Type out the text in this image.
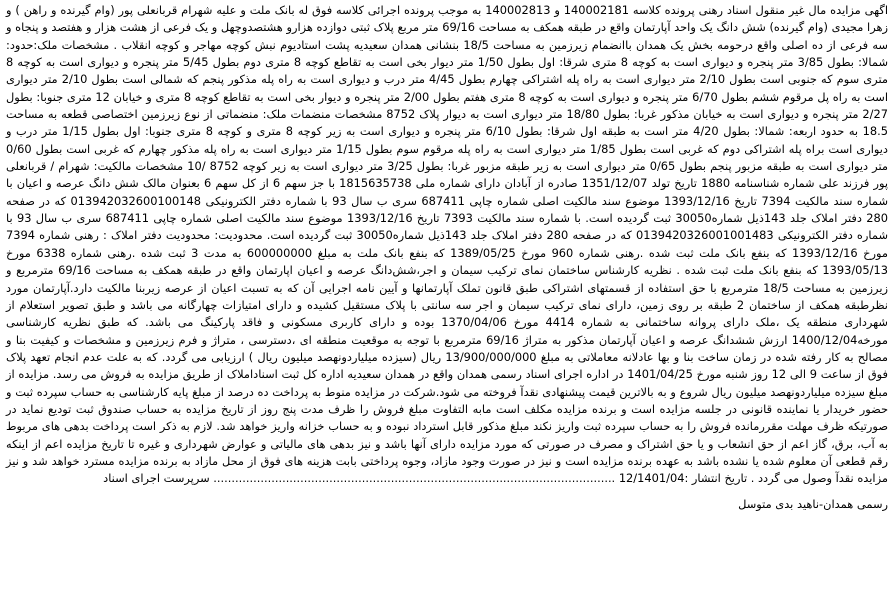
اگهی مزایده مال غیر منقول اسناد رهنی پرونده کلاسه 140002181 و 140002813 به موجب پرونده اجرائی کلاسه فوق له بانک ملت و علیه شهرام قربانعلی پور (وام گیرنده و راهن ) و زهرا مجیدی (وام گیرنده) شش دانگ یک واحد آپارتمان واقع در طبقه همکف به مساحت 69/16 متر مربع پلاک ثبتی دوازده هزارو هشتصدوچهل و یک فرعی از هشت هزار و هفتصد و پنجاه و سه فرعی از ده اصلی واقع درحومه بخش یک همدان باانضمام زیرزمین به مساحت 18/5 بنشانی همدان سعیدیه پشت استادیوم نبش کوچه مهاجر و کوچه انقلاب . مشخصات ملک:حدود: شمالا: بطول 3/85 متر پنجره و دیواری است به کوچه 8 متری شرقا: اول بطول 1/50 متر دیوار بخی است به تقاطع کوچه 8 متری دوم بطول 5/45 متر پنجره و دیواری است به کوچه 8 متری سوم که جنوبی است بطول 2/10 متر دیواری است به راه پله اشتراکی چهارم بطول 4/45 متر درب و دیواری است به راه پله مذکور پنجم که شمالی است بطول 2/10 متر دیواری است به راه پل مرقوم ششم بطول 6/70 متر پنجره و دیواری است به کوچه 8 متری هفتم بطول 2/00 متر پنجره و دیوار بخی است به تقاطع کوچه 8 متری و خیابان 12 متری جنوبا: بطول 2/27 متر پنجره و دیواری است به خیابان مذکور غربا: بطول 18/80 متر دیواری است به دیوار پلاک 8752 مشخصات منضمات ملک: منضماتی از نوع زیرزمین اختصاصی قطعه به مساحت 18.5 به حدود اربعه: شمالا: بطول 4/20 متر است به طبقه اول شرقا: بطول 6/10 متر پنجره و دیواری است به زیر کوچه 8 متری و کوچه 8 متری جنوبا: اول بطول 1/15 متر درب و دیواری است براه پله اشتراکی دوم که غربی است بطول 1/85 متر دیواری است به راه پله مرقوم سوم بطول 1/15 متر دیواری است به راه پله مذکور چهارم که غربی است بطول 0/60 متر دیواری است به طبقه مزبور پنجم بطول 0/65 متر دیواری است به زیر طبقه مزبور غربا: بطول 3/25 متر دیواری است به زیر کوچه 8752 /10 مشخصات مالکیت: شهرام / قربانعلی پور فرزند علی شماره شناسنامه 1880 تاریخ تولد 1351/12/07 صادره از آبادان دارای شماره ملی 1815635738 با جز سهم 6 از کل سهم 6 بعنوان مالک شش دانگ عرصه و اعیان با شماره سند مالکیت 7394 تاریخ 1393/12/16 موضوع سند مالکیت اصلی شماره چاپی 687411 سری ب سال 93 با شماره دفتر الکترونیکی 013942032600100148 که در صفحه 280 دفتر املاک جلد 143ذیل شماره30050 ثبت گردیده است. با شماره سند مالکیت 7393 تاریخ 1393/12/16 موضوع سند مالکیت اصلی شماره چاپی 687411 سری ب سال 93 با شماره دفتر الکترونیکی 0139420326001001483 که در صفحه 280 دفتر املاک جلد 143ذیل شماره30050 ثبت گردیده است. محدودیت: محدودیت دفتر املاک : رهنی شماره 7394 مورخ 1393/12/16 که بنفع بانک ملت ثبت شده .رهنی شماره 960 مورخ 1389/05/25 که بنفع بانک ملت به مبلغ 600000000 به مدت 3 ثبت شده .رهنی شماره 6338 مورخ 1393/05/13 که بنفع بانک ملت ثبت شده . نظریه کارشناس ساختمان نمای ترکیب سیمان و اجر،شش‌دانگ عرصه و اعیان اپارتمان واقع در طبقه همکف به مساحت 69/16 مترمربع و زیرزمین به مساحت 18/5 مترمربع با حق استفاده از قسمتهای اشتراکی طبق قانون تملک آپارتمانها و آیین نامه اجرایی آن که به تسبت اعیان از عرصه زیربنا مالکیت دارد.آپارتمان مورد نظرطبقه همکف از ساختمان 2 طبقه بر روی زمین، دارای نمای ترکیب سیمان و اجر سه سانتی با پلاک مستقیل کشیده و دارای امتیازات چهارگانه می باشد و طبق تصویر استعلام از شهرداری منطقه یک ،ملک دارای پروانه ساختمانی به شماره 4414 مورخ 1370/04/06 بوده و دارای کاربری مسکونی و فاقد پارکینگ می باشد. که طبق نظریه کارشناسی مورخه1400/12/04 ارزش ششدانگ عرصه و اعیان آپارتمان مذکور به متراژ 69/16 مترمربع با توجه به موقعیت منطقه ای ،دسترسی ، متراژ و فرم زیرزمین و مشخصات و کیفیت بنا و مصالح به کار رفته شده در زمان ساخت بنا و بها عادلانه معاملاتی به مبلغ 13/900/000/000 ریال (سیزده میلیاردونهصد میلیون ریال ) ارزیابی می گردد. که به علت عدم انجام تعهد پلاک فوق از ساعت 9 الی 12 روز شنبه مورخ 1401/04/25 در اداره اجرای اسناد رسمی همدان واقع در همدان سعیدیه اداره کل ثبت اسناداملاک از طریق مزایده به فروش می رسد. مزایده از مبلغ سیزده میلیاردونهصد میلیون ریال شروع و به بالاترین قیمت پیشنهادی نقدآ فروخته می شود.شرکت در مزایده منوط به پرداخت ده درصد از مبلغ پایه کارشناسی به حساب سپرده ثبت و حضور خریدار یا نماینده قانونی در جلسه مزایده است و برنده مزایده مکلف است مابه التفاوت مبلغ فروش را ظرف مدت پنج روز از تاریخ مزایده به حساب صندوق ثبت تودیع نماید در صورتیکه ظرف مهلت مقررمانده فروش را به حساب سپرده ثبت واریز نکند مبلغ مذکور قابل استرداد نبوده و به حساب خزانه واریز خواهد شد. لازم به ذکر است پرداخت بدهی های مربوط به آب، برق، گاز اعم از حق انشعاب و یا حق اشتراک و مصرف در صورتی که مورد مزایده دارای آنها باشد و نیز بدهی های مالیاتی و عوارض شهرداری و غیره تا تاریخ مزایده اعم از اینکه رقم قطعی آن معلوم شده یا نشده باشد به عهده برنده مزایده است و نیز در صورت وجود مازاد، وجوه پرداختی بابت هزینه های فوق از محل مازاد به برنده مزایده مسترد خواهد شد و نیز مزایده نقدآ وصول می گردد . تاریخ انتشار :12/1401/04 ............................................................................................................... سرپرست اجرای اسناد

رسمی همدان-ناهید بدی متوسل
